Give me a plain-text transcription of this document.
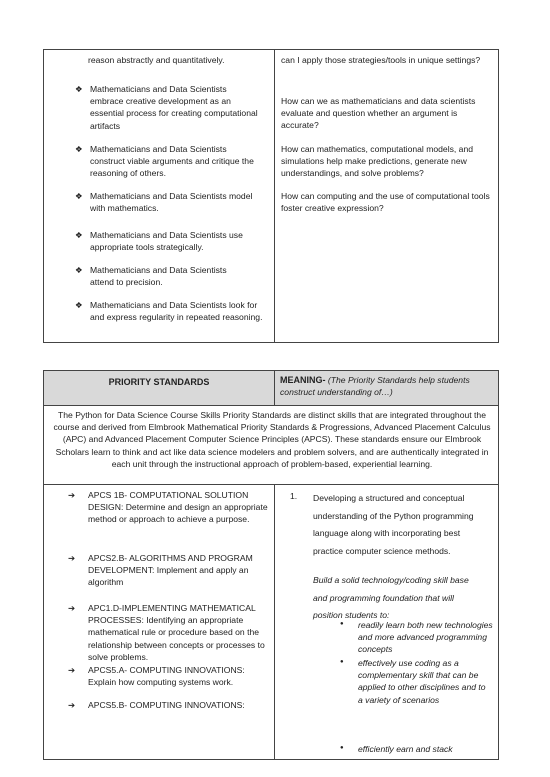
reason abstractly and quantitatively.
❖ Mathematicians and Data Scientists embrace creative development as an essential process for creating computational artifacts
❖ Mathematicians and Data Scientists construct viable arguments and critique the reasoning of others.
❖ Mathematicians and Data Scientists model with mathematics.
❖ Mathematicians and Data Scientists use appropriate tools strategically.
❖ Mathematicians and Data Scientists attend to precision.
❖ Mathematicians and Data Scientists look for and express regularity in repeated reasoning.
can I apply those strategies/tools in unique settings?
How can we as mathematicians and data scientists evaluate and question whether an argument is accurate?
How can mathematics, computational models, and simulations help make predictions, generate new understandings, and solve problems?
How can computing and the use of computational tools foster creative expression?
PRIORITY STANDARDS	MEANING- (The Priority Standards help students construct understanding of…)
The Python for Data Science Course Skills Priority Standards are distinct skills that are integrated throughout the course and derived from Elmbrook Mathematical Priority Standards & Progressions, Advanced Placement Calculus (APC) and Advanced Placement Computer Science Principles (APCS). These standards ensure our Elmbrook Scholars learn to think and act like data science modelers and problem solvers, and are authentically integrated in each unit through the instructional approach of problem-based, experiential learning.
➔ APCS 1B- COMPUTATIONAL SOLUTION DESIGN: Determine and design an appropriate method or approach to achieve a purpose.
➔ APCS2.B- ALGORITHMS AND PROGRAM DEVELOPMENT: Implement and apply an algorithm
➔ APC1.D-IMPLEMENTING MATHEMATICAL PROCESSES: Identifying an appropriate mathematical rule or procedure based on the relationship between concepts or processes to solve problems.
➔ APCS5.A- COMPUTING INNOVATIONS: Explain how computing systems work.
➔ APCS5.B- COMPUTING INNOVATIONS:
1. Developing a structured and conceptual understanding of the Python programming language along with incorporating best practice computer science methods.
Build a solid technology/coding skill base and programming foundation that will position students to:
● readily learn both new technologies and more advanced programming concepts
● effectively use coding as a complementary skill that can be applied to other disciplines and to a variety of scenarios
● efficiently earn and stack
